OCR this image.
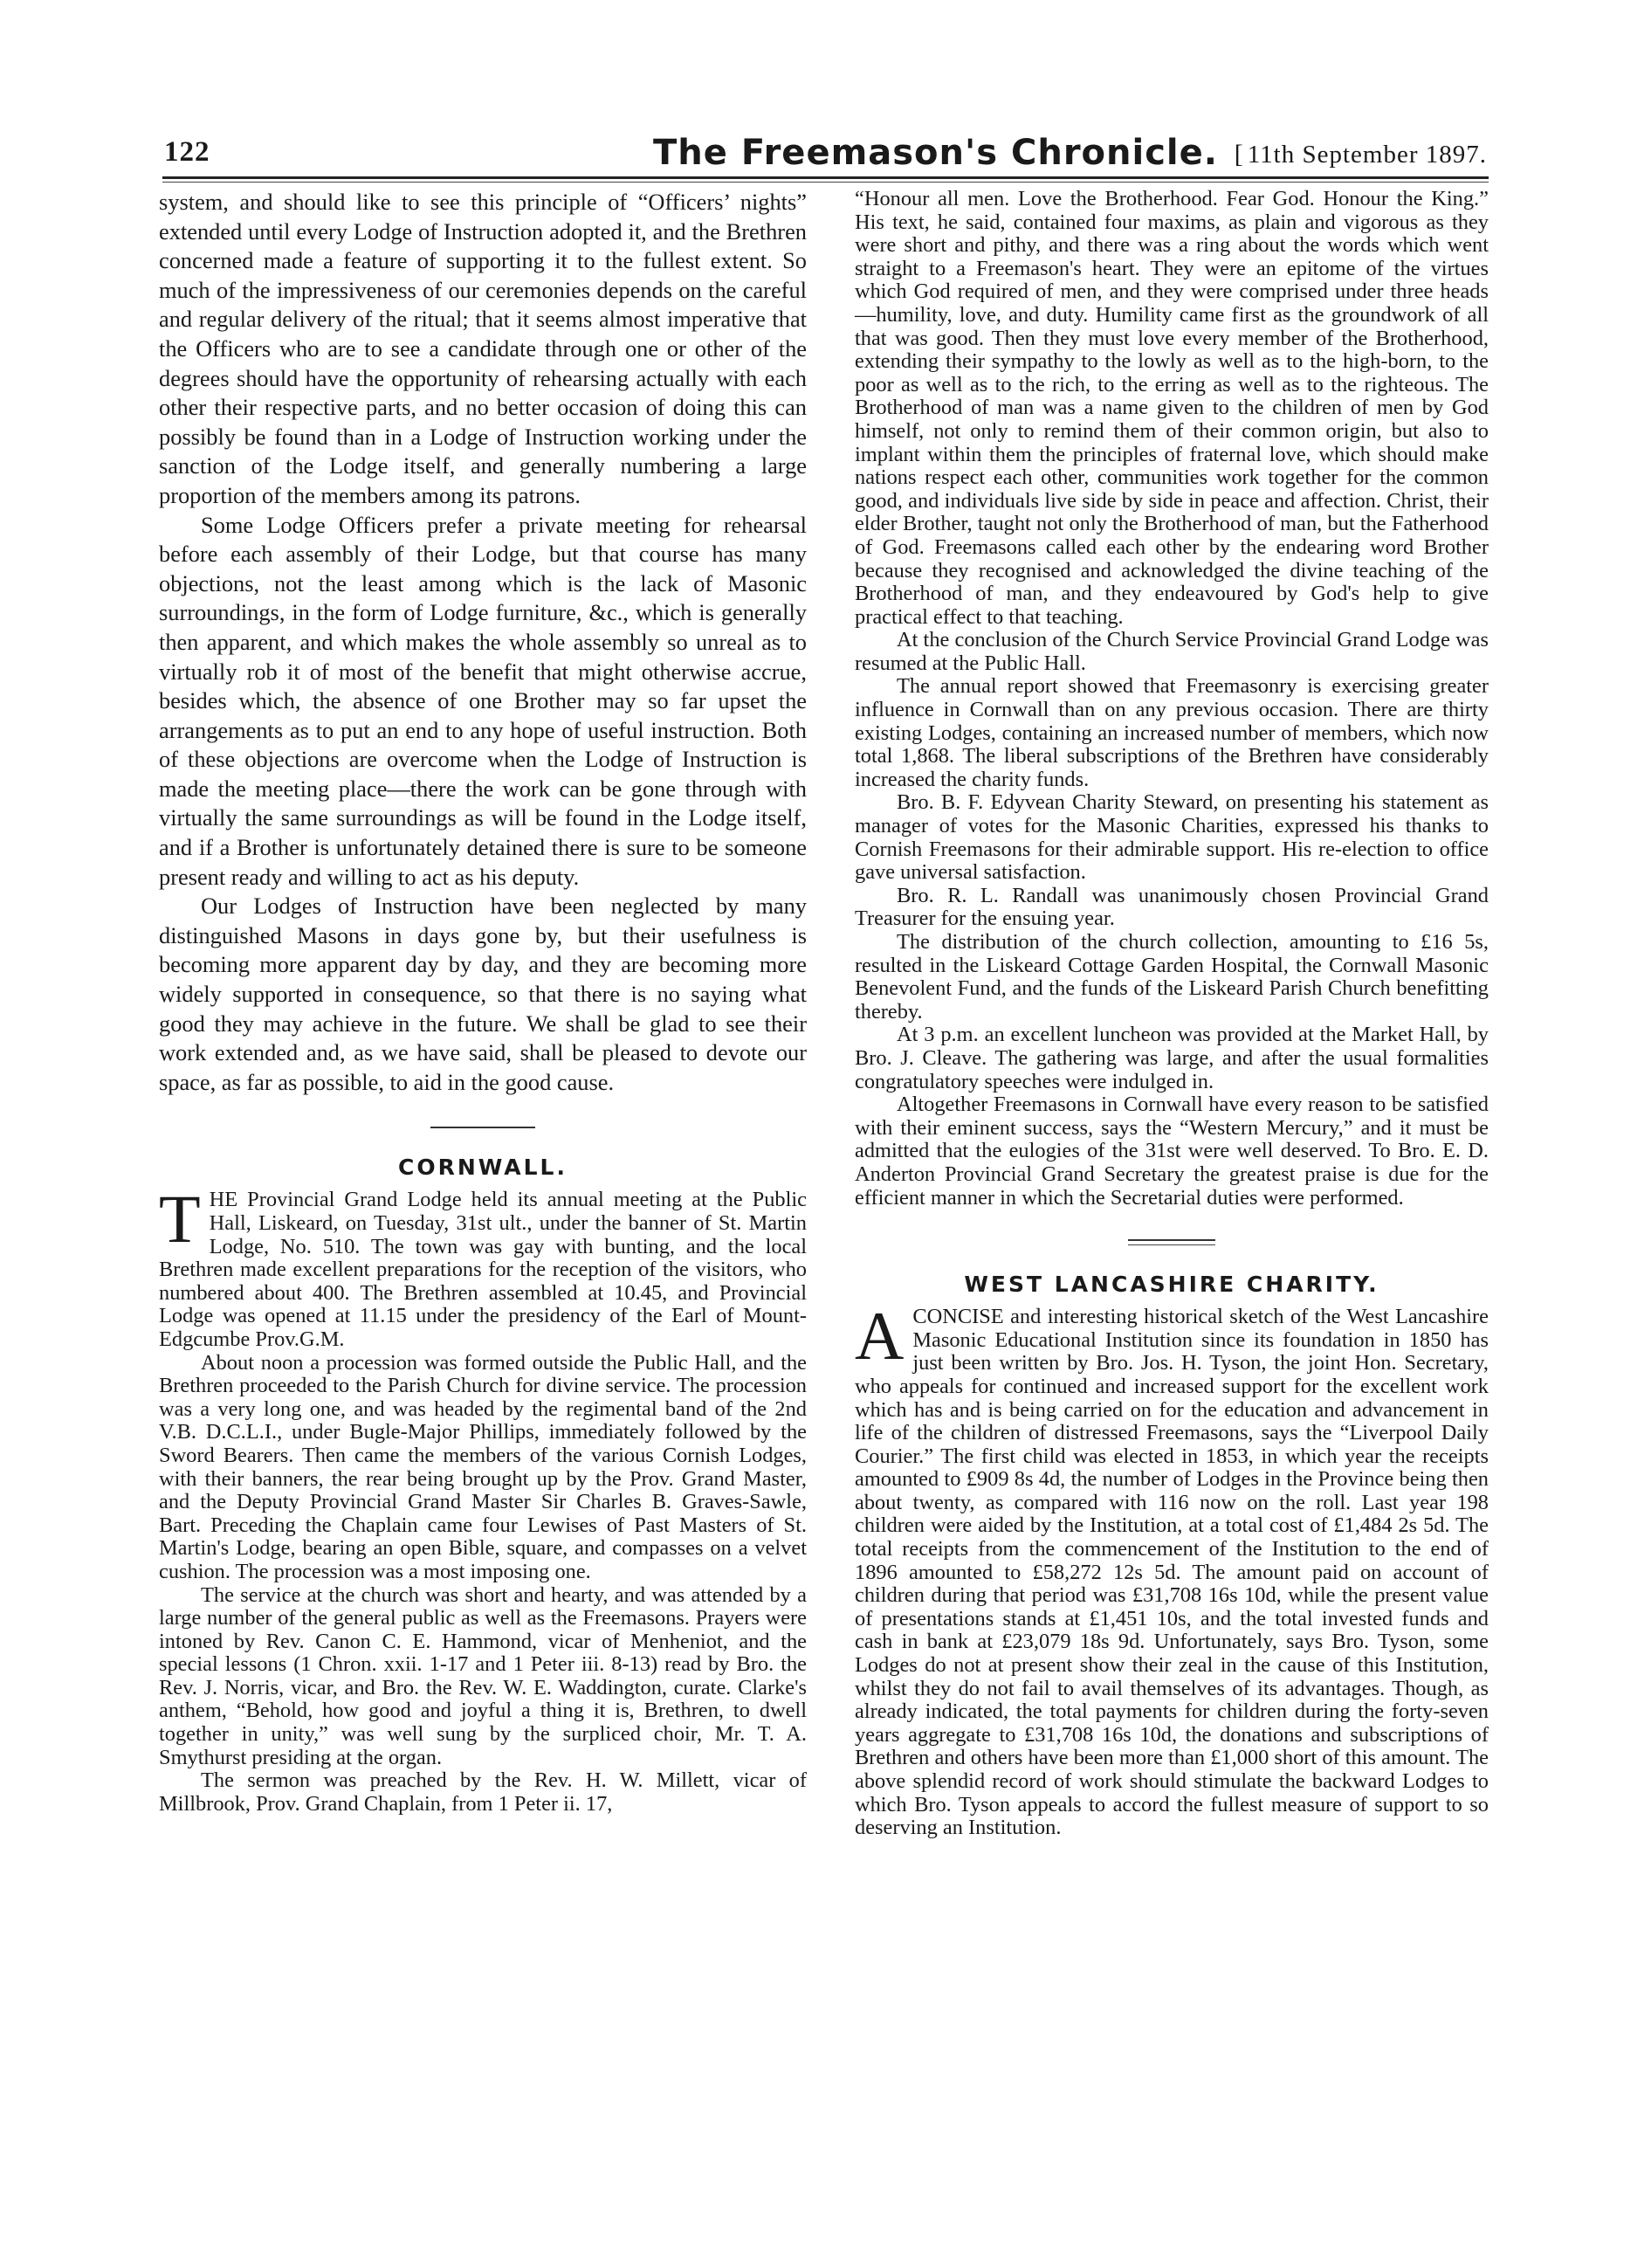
122	The Freemason's Chronicle. [ 11th September 1897.

system, and should like to see this principle of “Officers’ nights” extended until every Lodge of Instruction adopted it, and the Brethren concerned made a feature of supporting it to the fullest extent. So much of the impressiveness of our ceremonies depends on the careful and regular delivery of the ritual; that it seems almost imperative that the Officers who are to see a candidate through one or other of the degrees should have the opportunity of rehearsing actually with each other their respective parts, and no better occasion of doing this can possibly be found than in a Lodge of Instruction working under the sanction of the Lodge itself, and generally numbering a large proportion of the members among its patrons.

Some Lodge Officers prefer a private meeting for rehearsal before each assembly of their Lodge, but that course has many objections, not the least among which is the lack of Masonic surroundings, in the form of Lodge furniture, &c., which is generally then apparent, and which makes the whole assembly so unreal as to virtually rob it of most of the benefit that might otherwise accrue, besides which, the absence of one Brother may so far upset the arrangements as to put an end to any hope of useful instruction. Both of these objections are overcome when the Lodge of Instruction is made the meeting place—there the work can be gone through with virtually the same surroundings as will be found in the Lodge itself, and if a Brother is unfortunately detained there is sure to be someone present ready and willing to act as his deputy.

Our Lodges of Instruction have been neglected by many distinguished Masons in days gone by, but their usefulness is becoming more apparent day by day, and they are becoming more widely supported in consequence, so that there is no saying what good they may achieve in the future. We shall be glad to see their work extended and, as we have said, shall be pleased to devote our space, as far as possible, to aid in the good cause.

CORNWALL.

THE Provincial Grand Lodge held its annual meeting at the Public Hall, Liskeard, on Tuesday, 31st ult., under the banner of St. Martin Lodge, No. 510. The town was gay with bunting, and the local Brethren made excellent preparations for the reception of the visitors, who numbered about 400. The Brethren assembled at 10.45, and Provincial Lodge was opened at 11.15 under the presidency of the Earl of Mount-Edgcumbe Prov.G.M.

About noon a procession was formed outside the Public Hall, and the Brethren proceeded to the Parish Church for divine service. The procession was a very long one, and was headed by the regimental band of the 2nd V.B. D.C.L.I., under Bugle-Major Phillips, immediately followed by the Sword Bearers. Then came the members of the various Cornish Lodges, with their banners, the rear being brought up by the Prov. Grand Master, and the Deputy Provincial Grand Master Sir Charles B. Graves-Sawle, Bart. Preceding the Chaplain came four Lewises of Past Masters of St. Martin's Lodge, bearing an open Bible, square, and compasses on a velvet cushion. The procession was a most imposing one.

The service at the church was short and hearty, and was attended by a large number of the general public as well as the Freemasons. Prayers were intoned by Rev. Canon C. E. Hammond, vicar of Menheniot, and the special lessons (1 Chron. xxii. 1-17 and 1 Peter iii. 8-13) read by Bro. the Rev. J. Norris, vicar, and Bro. the Rev. W. E. Waddington, curate. Clarke's anthem, “Behold, how good and joyful a thing it is, Brethren, to dwell together in unity,” was well sung by the surpliced choir, Mr. T. A. Smythurst presiding at the organ.

The sermon was preached by the Rev. H. W. Millett, vicar of Millbrook, Prov. Grand Chaplain, from 1 Peter ii. 17,

“Honour all men. Love the Brotherhood. Fear God. Honour the King.” His text, he said, contained four maxims, as plain and vigorous as they were short and pithy, and there was a ring about the words which went straight to a Freemason's heart. They were an epitome of the virtues which God required of men, and they were comprised under three heads—humility, love, and duty. Humility came first as the groundwork of all that was good. Then they must love every member of the Brotherhood, extending their sympathy to the lowly as well as to the high-born, to the poor as well as to the rich, to the erring as well as to the righteous. The Brotherhood of man was a name given to the children of men by God himself, not only to remind them of their common origin, but also to implant within them the principles of fraternal love, which should make nations respect each other, communities work together for the common good, and individuals live side by side in peace and affection. Christ, their elder Brother, taught not only the Brotherhood of man, but the Fatherhood of God. Freemasons called each other by the endearing word Brother because they recognised and acknowledged the divine teaching of the Brotherhood of man, and they endeavoured by God's help to give practical effect to that teaching.

At the conclusion of the Church Service Provincial Grand Lodge was resumed at the Public Hall.

The annual report showed that Freemasonry is exercising greater influence in Cornwall than on any previous occasion. There are thirty existing Lodges, containing an increased number of members, which now total 1,868. The liberal subscriptions of the Brethren have considerably increased the charity funds.

Bro. B. F. Edyvean Charity Steward, on presenting his statement as manager of votes for the Masonic Charities, expressed his thanks to Cornish Freemasons for their admirable support. His re-election to office gave universal satisfaction.

Bro. R. L. Randall was unanimously chosen Provincial Grand Treasurer for the ensuing year.

The distribution of the church collection, amounting to £16 5s, resulted in the Liskeard Cottage Garden Hospital, the Cornwall Masonic Benevolent Fund, and the funds of the Liskeard Parish Church benefitting thereby.

At 3 p.m. an excellent luncheon was provided at the Market Hall, by Bro. J. Cleave. The gathering was large, and after the usual formalities congratulatory speeches were indulged in.

Altogether Freemasons in Cornwall have every reason to be satisfied with their eminent success, says the “Western Mercury,” and it must be admitted that the eulogies of the 31st were well deserved. To Bro. E. D. Anderton Provincial Grand Secretary the greatest praise is due for the efficient manner in which the Secretarial duties were performed.

WEST LANCASHIRE CHARITY.

A CONCISE and interesting historical sketch of the West Lancashire Masonic Educational Institution since its foundation in 1850 has just been written by Bro. Jos. H. Tyson, the joint Hon. Secretary, who appeals for continued and increased support for the excellent work which has and is being carried on for the education and advancement in life of the children of distressed Freemasons, says the “Liverpool Daily Courier.” The first child was elected in 1853, in which year the receipts amounted to £909 8s 4d, the number of Lodges in the Province being then about twenty, as compared with 116 now on the roll. Last year 198 children were aided by the Institution, at a total cost of £1,484 2s 5d. The total receipts from the commencement of the Institution to the end of 1896 amounted to £58,272 12s 5d. The amount paid on account of children during that period was £31,708 16s 10d, while the present value of presentations stands at £1,451 10s, and the total invested funds and cash in bank at £23,079 18s 9d. Unfortunately, says Bro. Tyson, some Lodges do not at present show their zeal in the cause of this Institution, whilst they do not fail to avail themselves of its advantages. Though, as already indicated, the total payments for children during the forty-seven years aggregate to £31,708 16s 10d, the donations and subscriptions of Brethren and others have been more than £1,000 short of this amount. The above splendid record of work should stimulate the backward Lodges to which Bro. Tyson appeals to accord the fullest measure of support to so deserving an Institution.
